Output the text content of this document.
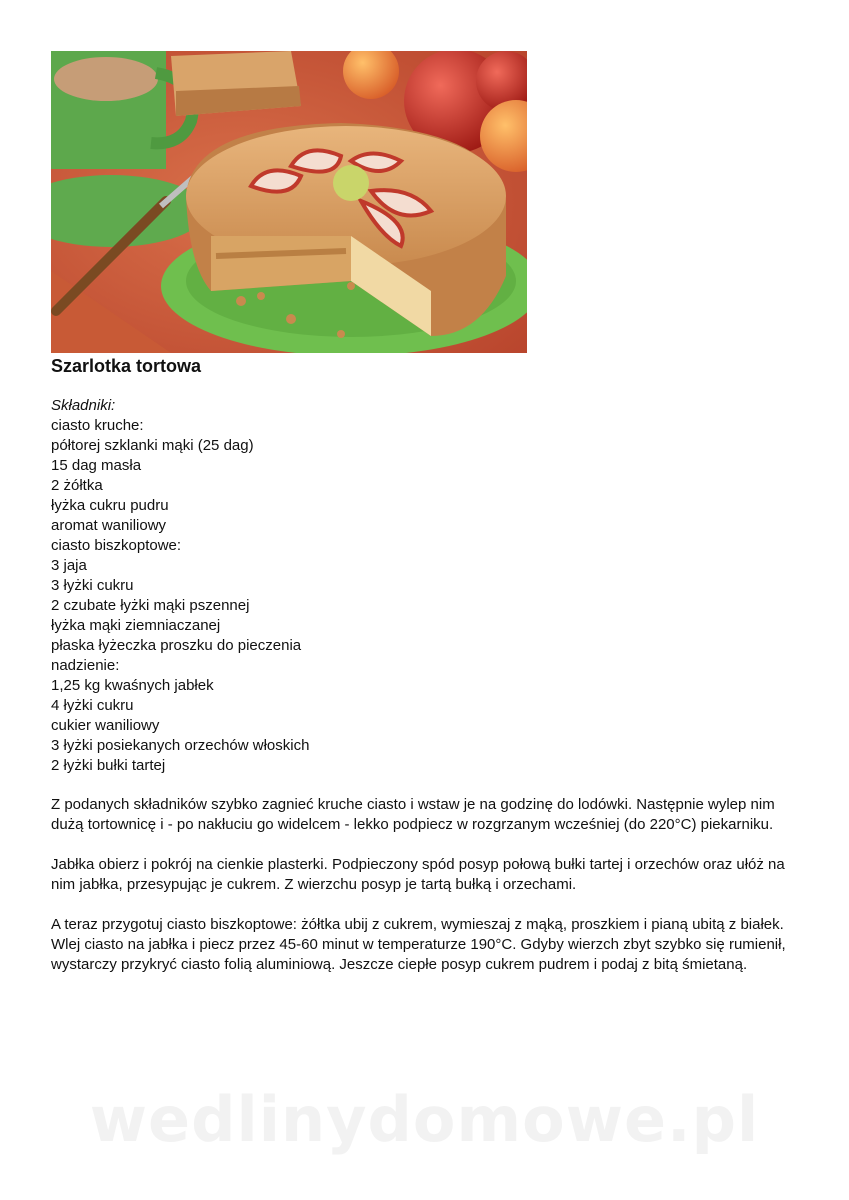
Szarlotka tortowa
Składniki:
ciasto kruche:
półtorej szklanki mąki (25 dag)
15 dag masła
2 żółtka
łyżka cukru pudru
aromat waniliowy
ciasto biszkoptowe:
3 jaja
3 łyżki cukru
2 czubate łyżki mąki pszennej
łyżka mąki ziemniaczanej
płaska łyżeczka proszku do pieczenia
nadzienie:
1,25 kg kwaśnych jabłek
4 łyżki cukru
cukier waniliowy
3 łyżki posiekanych orzechów włoskich
2 łyżki bułki tartej

Z podanych składników szybko zagnieć kruche ciasto i wstaw je na godzinę do lodówki. Następnie wylep nim dużą tortownicę i - po nakłuciu go widelcem - lekko podpiecz w rozgrzanym wcześniej (do 220°C) piekarniku.

Jabłka obierz i pokrój na cienkie plasterki. Podpieczony spód posyp połową bułki tartej i orzechów oraz ułóż na nim jabłka, przesypując je cukrem. Z wierzchu posyp je tartą bułką i orzechami.

A teraz przygotuj ciasto biszkoptowe: żółtka ubij z cukrem, wymieszaj z mąką, proszkiem i pianą ubitą z białek. Wlej ciasto na jabłka i piecz przez 45-60 minut w temperaturze 190°C. Gdyby wierzch zbyt szybko się rumienił, wystarczy przykryć ciasto folią aluminiową. Jeszcze ciepłe posyp cukrem pudrem i podaj z bitą śmietaną.

wedlinydomowe.pl
